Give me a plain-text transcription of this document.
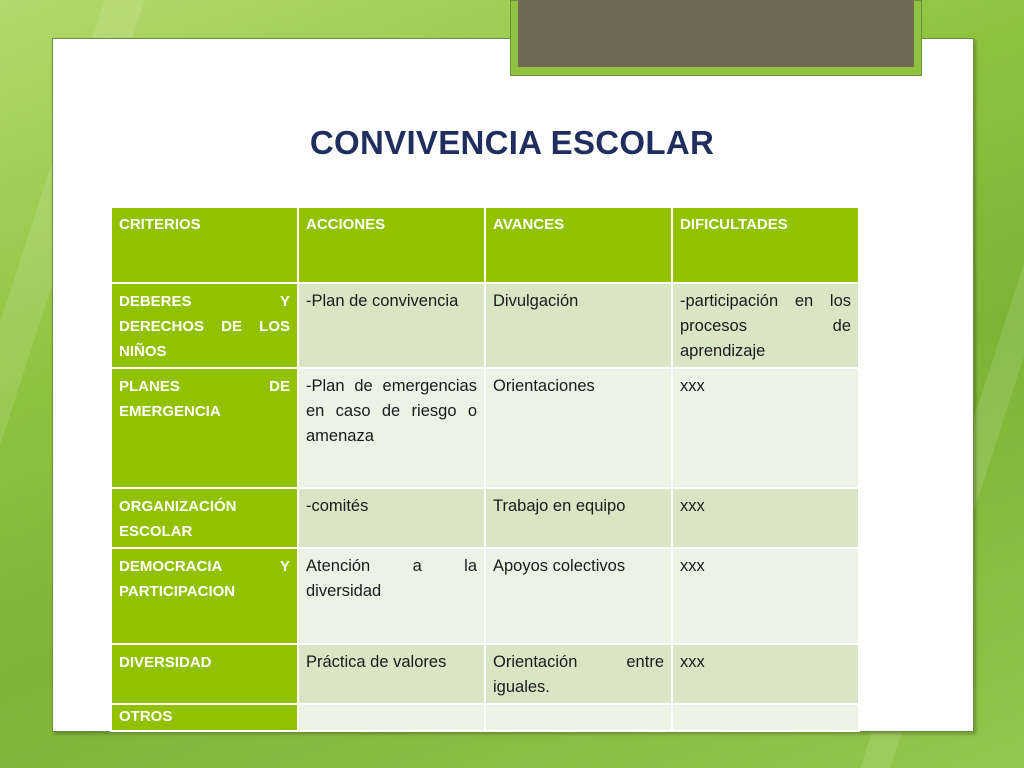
CONVIVENCIA ESCOLAR
CRITERIOS	ACCIONES	AVANCES	DIFICULTADES
DEBERES Y DERECHOS DE LOS NIÑOS	-Plan de convivencia	Divulgación	-participación en los procesos de aprendizaje
PLANES DE EMERGENCIA	-Plan de emergencias en caso de riesgo o amenaza	Orientaciones	xxx
ORGANIZACIÓN ESCOLAR	-comités	Trabajo en equipo	xxx
DEMOCRACIA Y PARTICIPACION	Atención a la diversidad	Apoyos colectivos	xxx
DIVERSIDAD	Práctica de valores	Orientación entre iguales.	xxx
OTROS			
